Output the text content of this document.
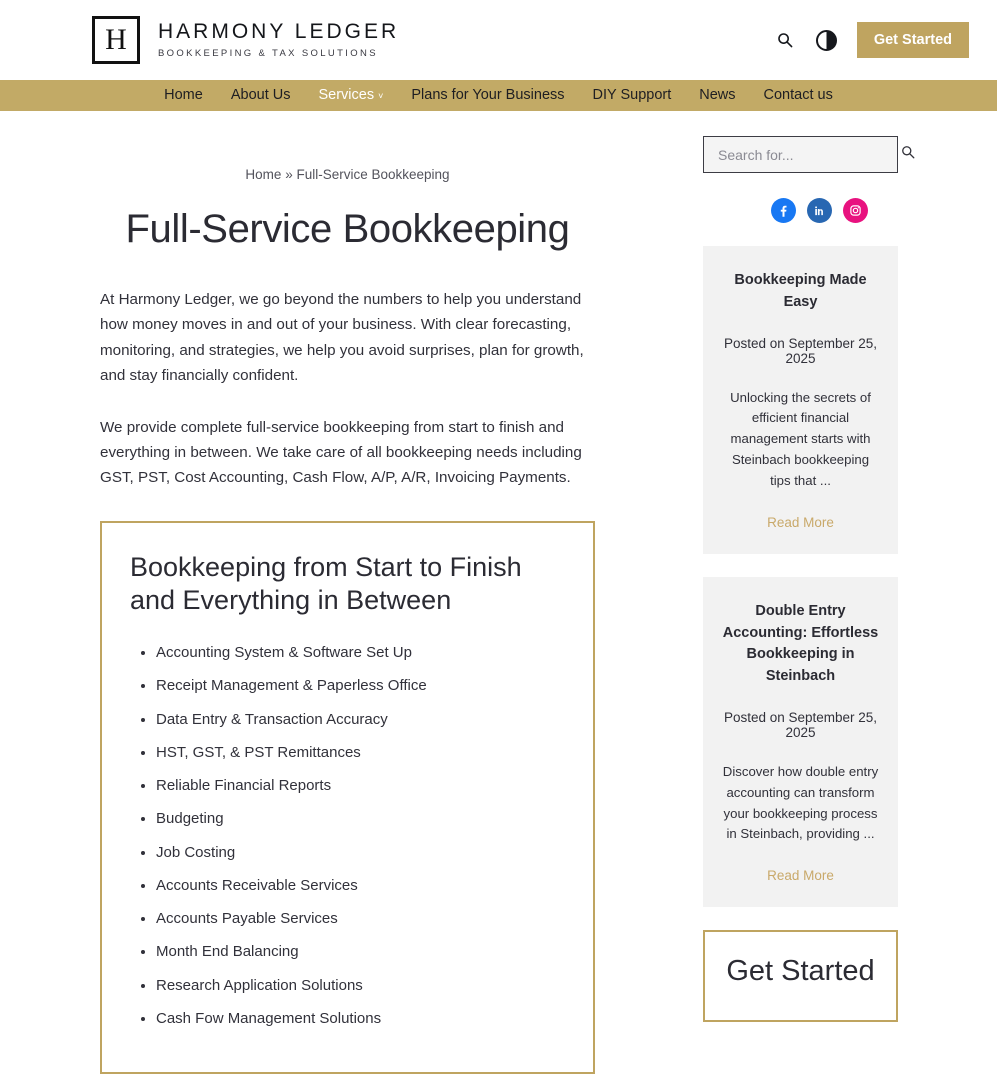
H	HARMONY LEDGER
BOOKKEEPING & TAX SOLUTIONS
Get Started
Home About Us Services ˅ Plans for Your Business DIY Support News Contact us
Home » Full-Service Bookkeeping
Full-Service Bookkeeping

At Harmony Ledger, we go beyond the numbers to help you understand how money moves in and out of your business. With clear forecasting, monitoring, and strategies, we help you avoid surprises, plan for growth, and stay financially confident.

We provide complete full-service bookkeeping from start to finish and everything in between. We take care of all bookkeeping needs including GST, PST, Cost Accounting, Cash Flow, A/P, A/R, Invoicing Payments.

Bookkeeping from Start to Finish and Everything in Between
• Accounting System & Software Set Up
• Receipt Management & Paperless Office
• Data Entry & Transaction Accuracy
• HST, GST, & PST Remittances
• Reliable Financial Reports
• Budgeting
• Job Costing
• Accounts Receivable Services
• Accounts Payable Services
• Month End Balancing
• Research Application Solutions
• Cash Fow Management Solutions
Search for...
Bookkeeping Made Easy
Posted on September 25, 2025
Unlocking the secrets of efficient financial management starts with Steinbach bookkeeping tips that ...
Read More
Double Entry Accounting: Effortless Bookkeeping in Steinbach
Posted on September 25, 2025
Discover how double entry accounting can transform your bookkeeping process in Steinbach, providing ...
Read More
Get Started
